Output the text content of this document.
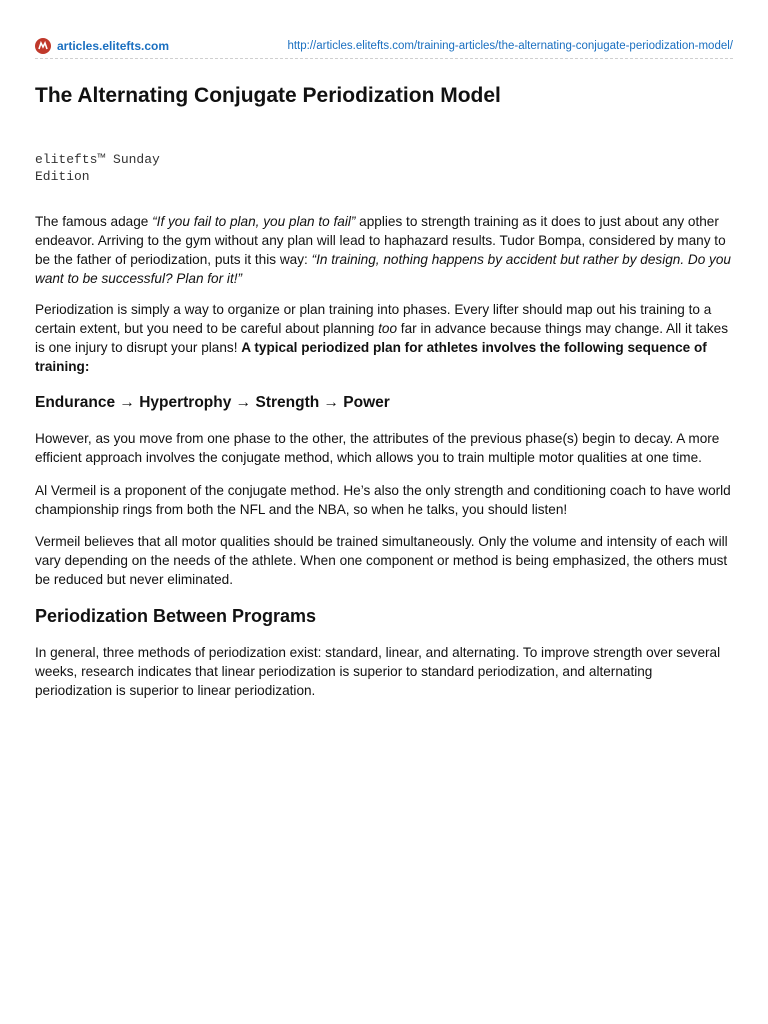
articles.elitefts.com	http://articles.elitefts.com/training-articles/the-alternating-conjugate-periodization-model/
The Alternating Conjugate Periodization Model
elitefts™ Sunday
Edition

The famous adage “If you fail to plan, you plan to fail” applies to strength training as it does to just about any other endeavor. Arriving to the gym without any plan will lead to haphazard results. Tudor Bompa, considered by many to be the father of periodization, puts it this way: “In training, nothing happens by accident but rather by design. Do you want to be successful? Plan for it!”

Periodization is simply a way to organize or plan training into phases. Every lifter should map out his training to a certain extent, but you need to be careful about planning too far in advance because things may change. All it takes is one injury to disrupt your plans! A typical periodized plan for athletes involves the following sequence of training:

Endurance → Hypertrophy → Strength → Power

However, as you move from one phase to the other, the attributes of the previous phase(s) begin to decay. A more efficient approach involves the conjugate method, which allows you to train multiple motor qualities at one time.

Al Vermeil is a proponent of the conjugate method. He’s also the only strength and conditioning coach to have world championship rings from both the NFL and the NBA, so when he talks, you should listen!

Vermeil believes that all motor qualities should be trained simultaneously. Only the volume and intensity of each will vary depending on the needs of the athlete. When one component or method is being emphasized, the others must be reduced but never eliminated.

Periodization Between Programs

In general, three methods of periodization exist: standard, linear, and alternating. To improve strength over several weeks, research indicates that linear periodization is superior to standard periodization, and alternating periodization is superior to linear periodization.
